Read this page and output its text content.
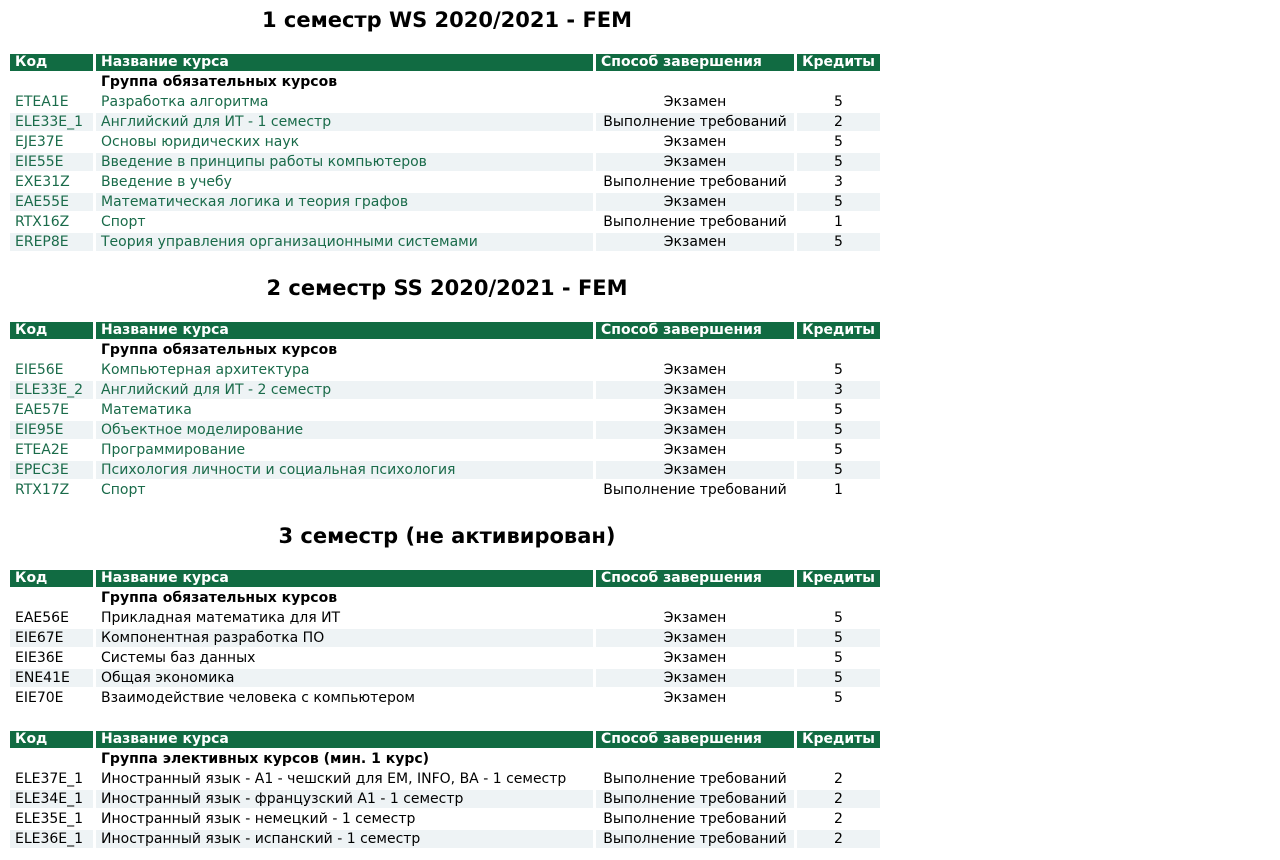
1 семестр WS 2020/2021 - FEM
Код	Название курса	Способ завершения	Кредиты
	Группа обязательных курсов		
ETEA1E	Разработка алгоритма	Экзамен	5
ELE33E_1	Английский для ИТ - 1 семестр	Выполнение требований	2
EJE37E	Основы юридических наук	Экзамен	5
EIE55E	Введение в принципы работы компьютеров	Экзамен	5
EXE31Z	Введение в учебу	Выполнение требований	3
EAE55E	Математическая логика и теория графов	Экзамен	5
RTX16Z	Спорт	Выполнение требований	1
EREP8E	Теория управления организационными системами	Экзамен	5
2 семестр SS 2020/2021 - FEM
Код	Название курса	Способ завершения	Кредиты
	Группа обязательных курсов		
EIE56E	Компьютерная архитектура	Экзамен	5
ELE33E_2	Английский для ИТ - 2 семестр	Экзамен	3
EAE57E	Математика	Экзамен	5
EIE95E	Объектное моделирование	Экзамен	5
ETEA2E	Программирование	Экзамен	5
EPEC3E	Психология личности и социальная психология	Экзамен	5
RTX17Z	Спорт	Выполнение требований	1
3 семестр (не активирован)
Код	Название курса	Способ завершения	Кредиты
	Группа обязательных курсов		
EAE56E	Прикладная математика для ИТ	Экзамен	5
EIE67E	Компонентная разработка ПО	Экзамен	5
EIE36E	Системы баз данных	Экзамен	5
ENE41E	Общая экономика	Экзамен	5
EIE70E	Взаимодействие человека с компьютером	Экзамен	5
Код	Название курса	Способ завершения	Кредиты
	Группа элективных курсов (мин. 1 курс)		
ELE37E_1	Иностранный язык - A1 - чешский для EM, INFO, BA - 1 семестр	Выполнение требований	2
ELE34E_1	Иностранный язык - французский A1 - 1 семестр	Выполнение требований	2
ELE35E_1	Иностранный язык - немецкий - 1 семестр	Выполнение требований	2
ELE36E_1	Иностранный язык - испанский - 1 семестр	Выполнение требований	2
